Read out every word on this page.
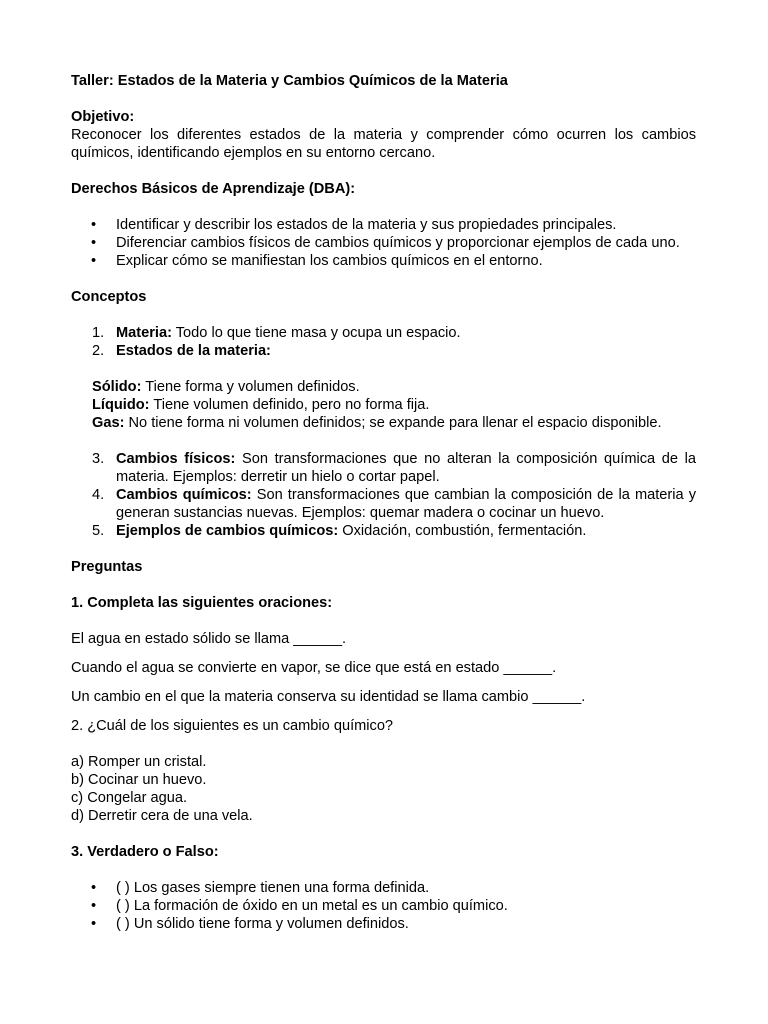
Taller: Estados de la Materia y Cambios Químicos de la Materia

Objetivo:

Reconocer los diferentes estados de la materia y comprender cómo ocurren los cambios químicos, identificando ejemplos en su entorno cercano.

Derechos Básicos de Aprendizaje (DBA):

• Identificar y describir los estados de la materia y sus propiedades principales.
• Diferenciar cambios físicos de cambios químicos y proporcionar ejemplos de cada uno.
• Explicar cómo se manifiestan los cambios químicos en el entorno.

Conceptos

1. Materia: Todo lo que tiene masa y ocupa un espacio.
2. Estados de la materia:

Sólido: Tiene forma y volumen definidos.

Líquido: Tiene volumen definido, pero no forma fija.

Gas: No tiene forma ni volumen definidos; se expande para llenar el espacio disponible.

3. Cambios físicos: Son transformaciones que no alteran la composición química de la materia. Ejemplos: derretir un hielo o cortar papel.
4. Cambios químicos: Son transformaciones que cambian la composición de la materia y generan sustancias nuevas. Ejemplos: quemar madera o cocinar un huevo.
5. Ejemplos de cambios químicos: Oxidación, combustión, fermentación.

Preguntas

1. Completa las siguientes oraciones:

El agua en estado sólido se llama ______.

Cuando el agua se convierte en vapor, se dice que está en estado ______.

Un cambio en el que la materia conserva su identidad se llama cambio ______.

2. ¿Cuál de los siguientes es un cambio químico?

a) Romper un cristal.

b) Cocinar un huevo.

c) Congelar agua.

d) Derretir cera de una vela.

3. Verdadero o Falso:

• ( ) Los gases siempre tienen una forma definida.
• ( ) La formación de óxido en un metal es un cambio químico.
• ( ) Un sólido tiene forma y volumen definidos.
